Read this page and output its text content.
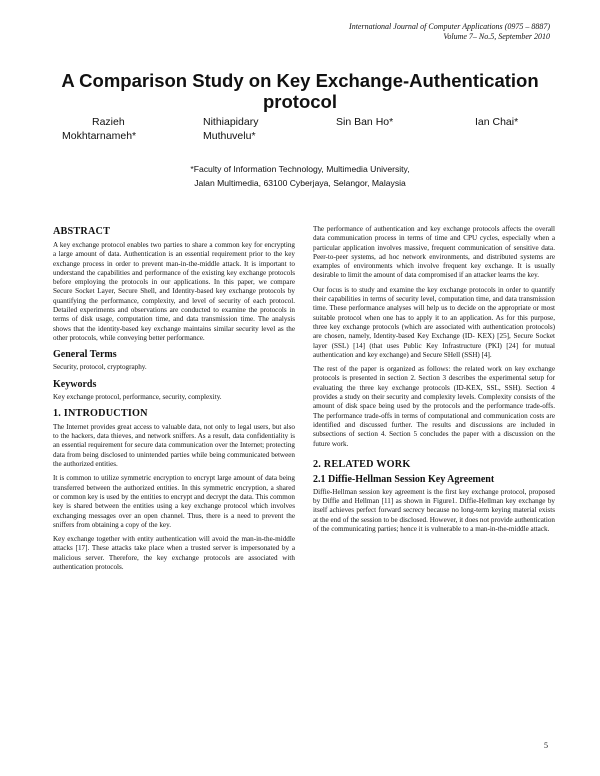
International Journal of Computer Applications (0975 – 8887)
Volume 7– No.5, September 2010
A Comparison Study on Key Exchange-Authentication
protocol
Razieh
Mokhtarnameh*
Nithiapidary
Muthuvelu*
Sin Ban Ho*	Ian Chai*
*Faculty of Information Technology, Multimedia University,
Jalan Multimedia, 63100 Cyberjaya, Selangor, Malaysia
ABSTRACT

A key exchange protocol enables two parties to share a common key for encrypting a large amount of data. Authentication is an essential requirement prior to the key exchange process in order to prevent man-in-the-middle attack. It is important to understand the capabilities and performance of the existing key exchange protocols before employing the protocols in our applications. In this paper, we compare Secure Socket Layer, Secure Shell, and Identity-based key exchange protocols by quantifying the performance, complexity, and level of security of each protocol. Detailed experiments and observations are conducted to examine the protocols in terms of disk usage, computation time, and data transmission time. The analysis shows that the identity-based key exchange maintains similar security level as the other protocols, while conveying better performance.

General Terms

Security, protocol, cryptography.

Keywords

Key exchange protocol, performance, security, complexity.

1. INTRODUCTION

The Internet provides great access to valuable data, not only to legal users, but also to the hackers, data thieves, and network sniffers. As a result, data confidentiality is an essential requirement for secure data communication over the Internet; protecting data from being disclosed to unintended parties while being communicated between the authorized entities.

It is common to utilize symmetric encryption to encrypt large amount of data being transferred between the authorized entities. In this symmetric encryption, a shared or common key is used by the entities to encrypt and decrypt the data. This common key is shared between the entities using a key exchange protocol which involves exchanging messages over an open channel. Thus, there is a need to prevent the sniffers from obtaining a copy of the key.

Key exchange together with entity authentication will avoid the man-in-the-middle attacks [17]. These attacks take place when a trusted server is impersonated by a malicious server. Therefore, the key exchange protocols are associated with authentication protocols.

The performance of authentication and key exchange protocols affects the overall data communication process in terms of time and CPU cycles, especially when a particular application involves massive, frequent communication of sensitive data. Peer-to-peer systems, ad hoc network environments, and distributed systems are examples of environments which involve frequent key exchange. It is usually desirable to limit the amount of data compromised if an attacker learns the key.

Our focus is to study and examine the key exchange protocols in order to quantify their capabilities in terms of security level, computation time, and data transmission time. These performance analyses will help us to decide on the appropriate or most suitable protocol when one has to apply it to an application. As for this purpose, three key exchange protocols (which are associated with authentication protocols) are chosen, namely, Identity-based Key Exchange (ID- KEX) [25], Secure Socket layer (SSL) [14] (that uses Public Key Infrastructure (PKI) [24] for mutual authentication and key exchange) and Secure SHell (SSH) [4].

The rest of the paper is organized as follows: the related work on key exchange protocols is presented in section 2. Section 3 describes the experimental setup for evaluating the three key exchange protocols (ID-KEX, SSL, SSH). Section 4 provides a study on their security and complexity levels. Complexity consists of the amount of disk space being used by the protocols and the performance trade-offs. The performance trade-offs in terms of computational and communication costs are identified and discussed further. The results and discussions are included in subsections of section 4. Section 5 concludes the paper with a discussion on the future work.

2. RELATED WORK
2.1 Diffie-Hellman Session Key Agreement

Diffie-Hellman session key agreement is the first key exchange protocol, proposed by Diffie and Hellman [11] as shown in Figure1. Diffie-Hellman key exchange by itself achieves perfect forward secrecy because no long-term keying material exists at the end of the session to be disclosed. However, it does not provide authentication of the communicating parties; hence it is vulnerable to a man-in-the-middle attack.

5
